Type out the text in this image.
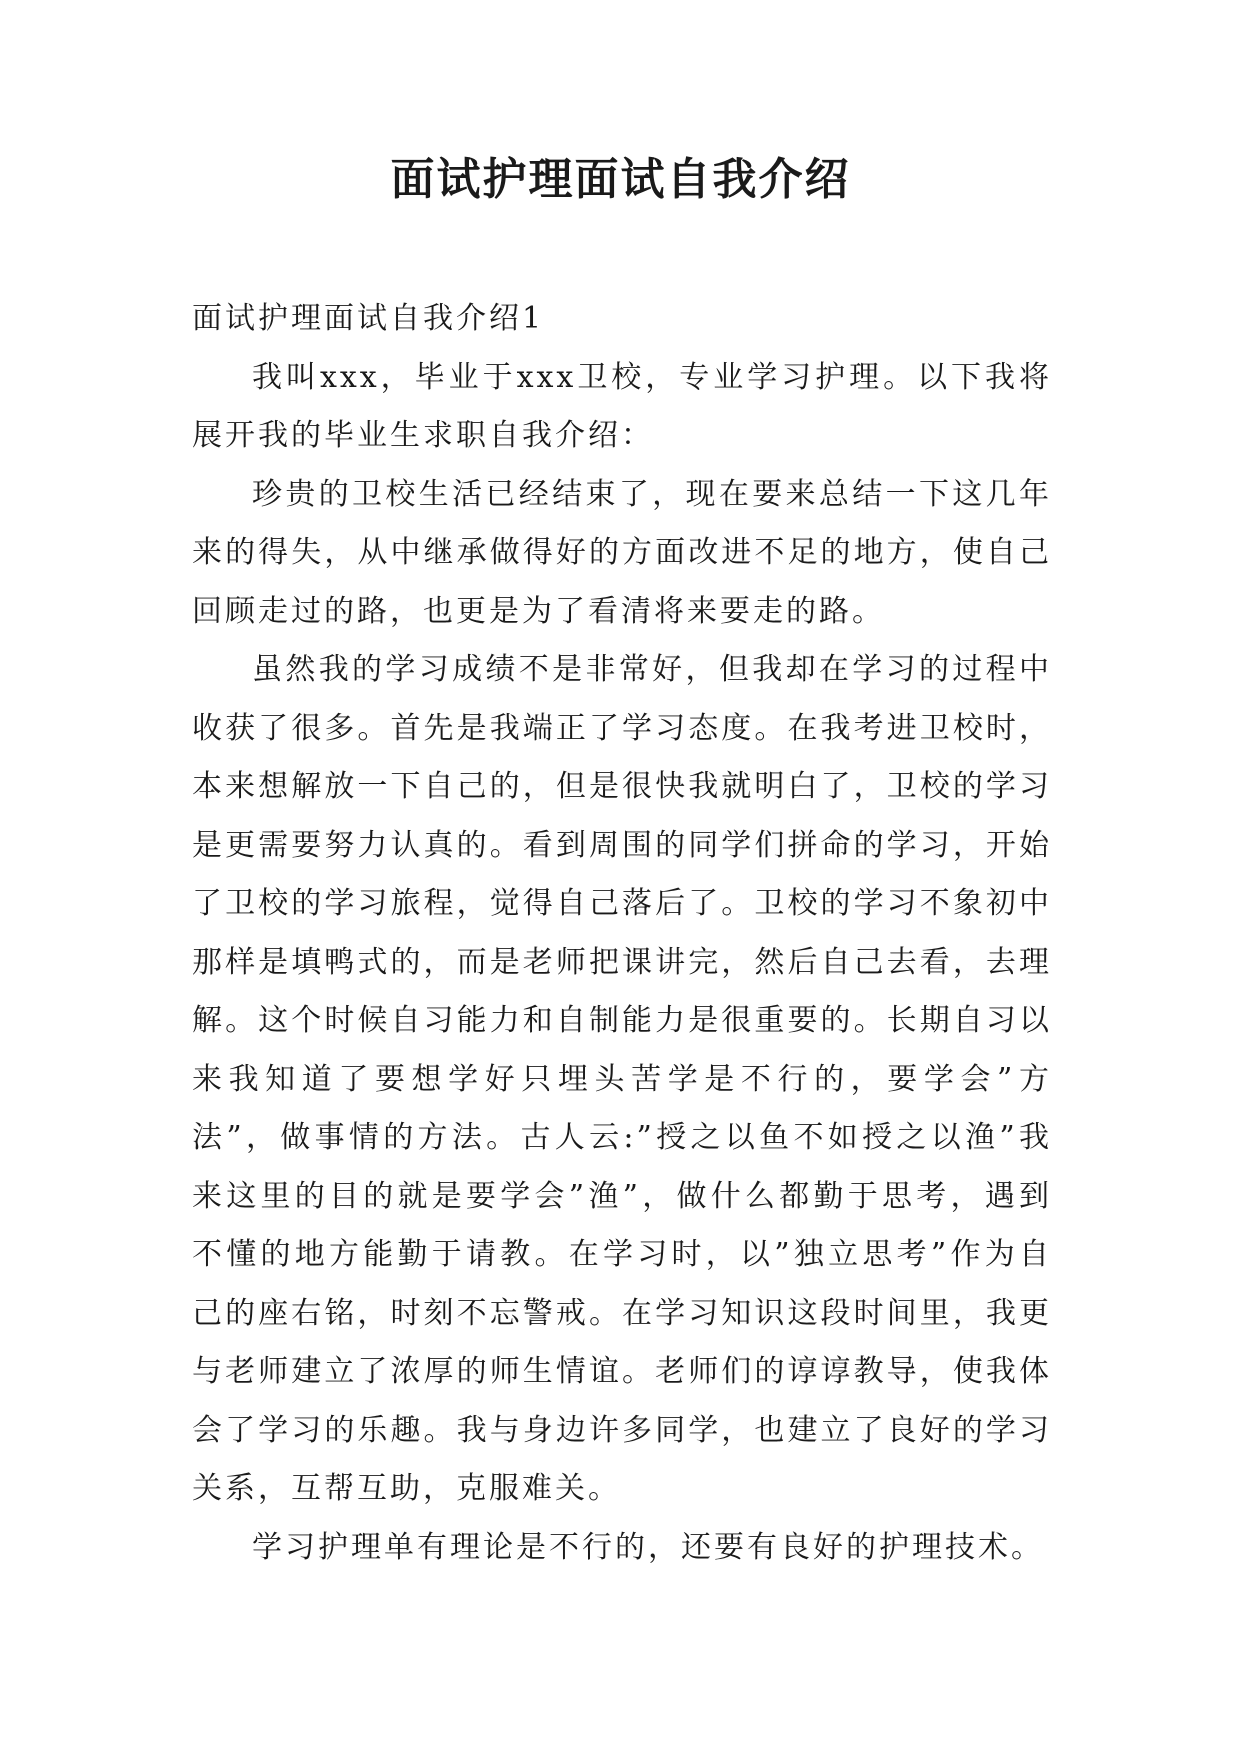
面试护理面试自我介绍

面试护理面试自我介绍1

我叫xxx，毕业于xxx卫校，专业学习护理。以下我将展开我的毕业生求职自我介绍：

珍贵的卫校生活已经结束了，现在要来总结一下这几年来的得失，从中继承做得好的方面改进不足的地方，使自己回顾走过的路，也更是为了看清将来要走的路。

虽然我的学习成绩不是非常好，但我却在学习的过程中收获了很多。首先是我端正了学习态度。在我考进卫校时，本来想解放一下自己的，但是很快我就明白了，卫校的学习是更需要努力认真的。看到周围的同学们拼命的学习，开始了卫校的学习旅程，觉得自己落后了。卫校的学习不象初中那样是填鸭式的，而是老师把课讲完，然后自己去看，去理解。这个时候自习能力和自制能力是很重要的。长期自习以来我知道了要想学好只埋头苦学是不行的，要学会”方法”，做事情的方法。古人云:”授之以鱼不如授之以渔”我来这里的目的就是要学会”渔”，做什么都勤于思考，遇到不懂的地方能勤于请教。在学习时，以”独立思考”作为自己的座右铭，时刻不忘警戒。在学习知识这段时间里，我更与老师建立了浓厚的师生情谊。老师们的谆谆教导，使我体会了学习的乐趣。我与身边许多同学，也建立了良好的学习关系，互帮互助，克服难关。

学习护理单有理论是不行的，还要有良好的护理技术。
